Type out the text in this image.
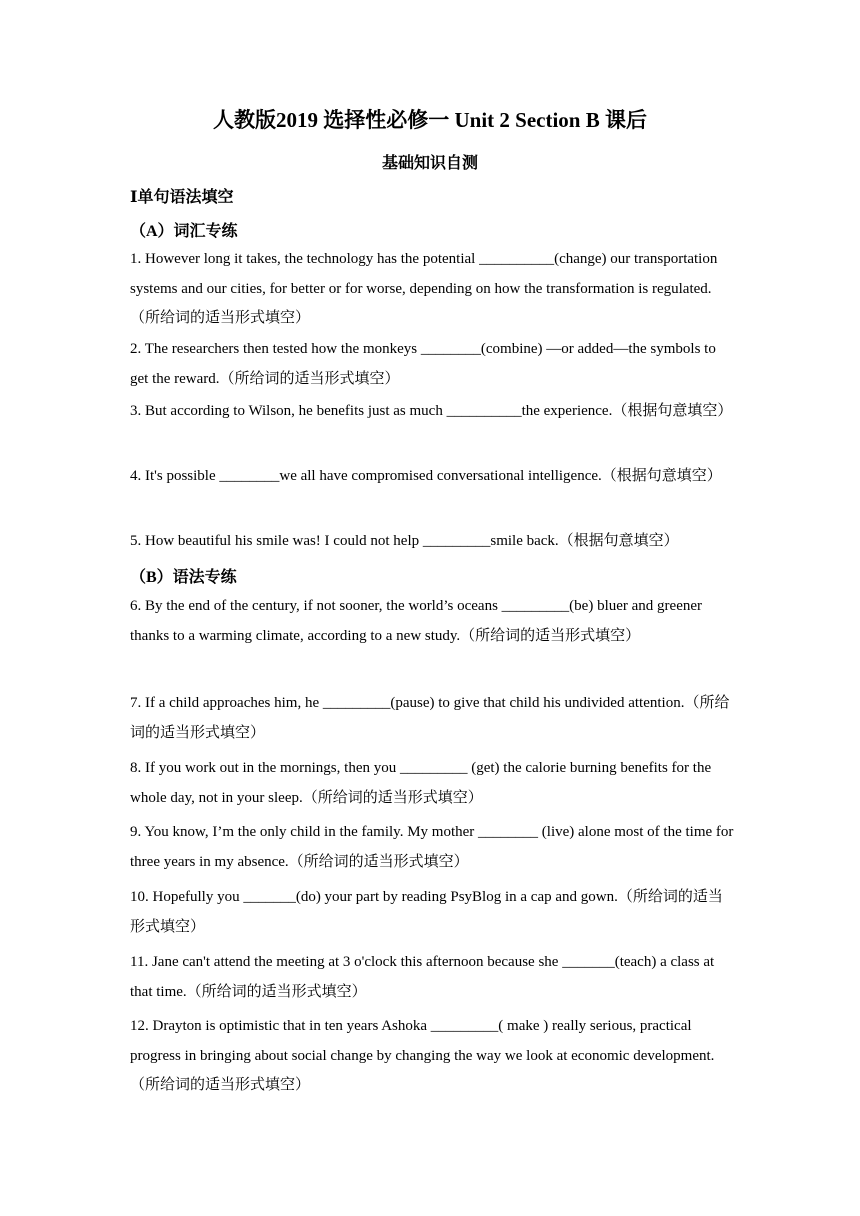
人教版2019 选择性必修一 Unit 2 Section B 课后
基础知识自测
Ⅰ单句语法填空
（A）词汇专练
1. However long it takes, the technology has the potential __________(change) our transportation systems and our cities, for better or for worse, depending on how the transformation is regulated.（所给词的适当形式填空）
2. The researchers then tested how the monkeys ________(combine) —or added—the symbols to get the reward.（所给词的适当形式填空）
3. But according to Wilson, he benefits just as much __________the experience.（根据句意填空）
4. It's possible ________we all have compromised conversational intelligence.（根据句意填空）
5. How beautiful his smile was! I could not help _________smile back.（根据句意填空）
（B）语法专练
6. By the end of the century, if not sooner, the world’s oceans _________(be) bluer and greener thanks to a warming climate, according to a new study.（所给词的适当形式填空）
7. If a child approaches him, he _________(pause) to give that child his undivided attention.（所给词的适当形式填空）
8. If you work out in the mornings, then you _________ (get) the calorie burning benefits for the whole day, not in your sleep.（所给词的适当形式填空）
9. You know, I’m the only child in the family. My mother ________ (live) alone most of the time for three years in my absence.（所给词的适当形式填空）
10. Hopefully you _______(do) your part by reading PsyBlog in a cap and gown.（所给词的适当形式填空）
11. Jane can't attend the meeting at 3 o'clock this afternoon because she _______(teach) a class at that time.（所给词的适当形式填空）
12. Drayton is optimistic that in ten years Ashoka _________( make ) really serious, practical progress in bringing about social change by changing the way we look at economic development.（所给词的适当形式填空）
